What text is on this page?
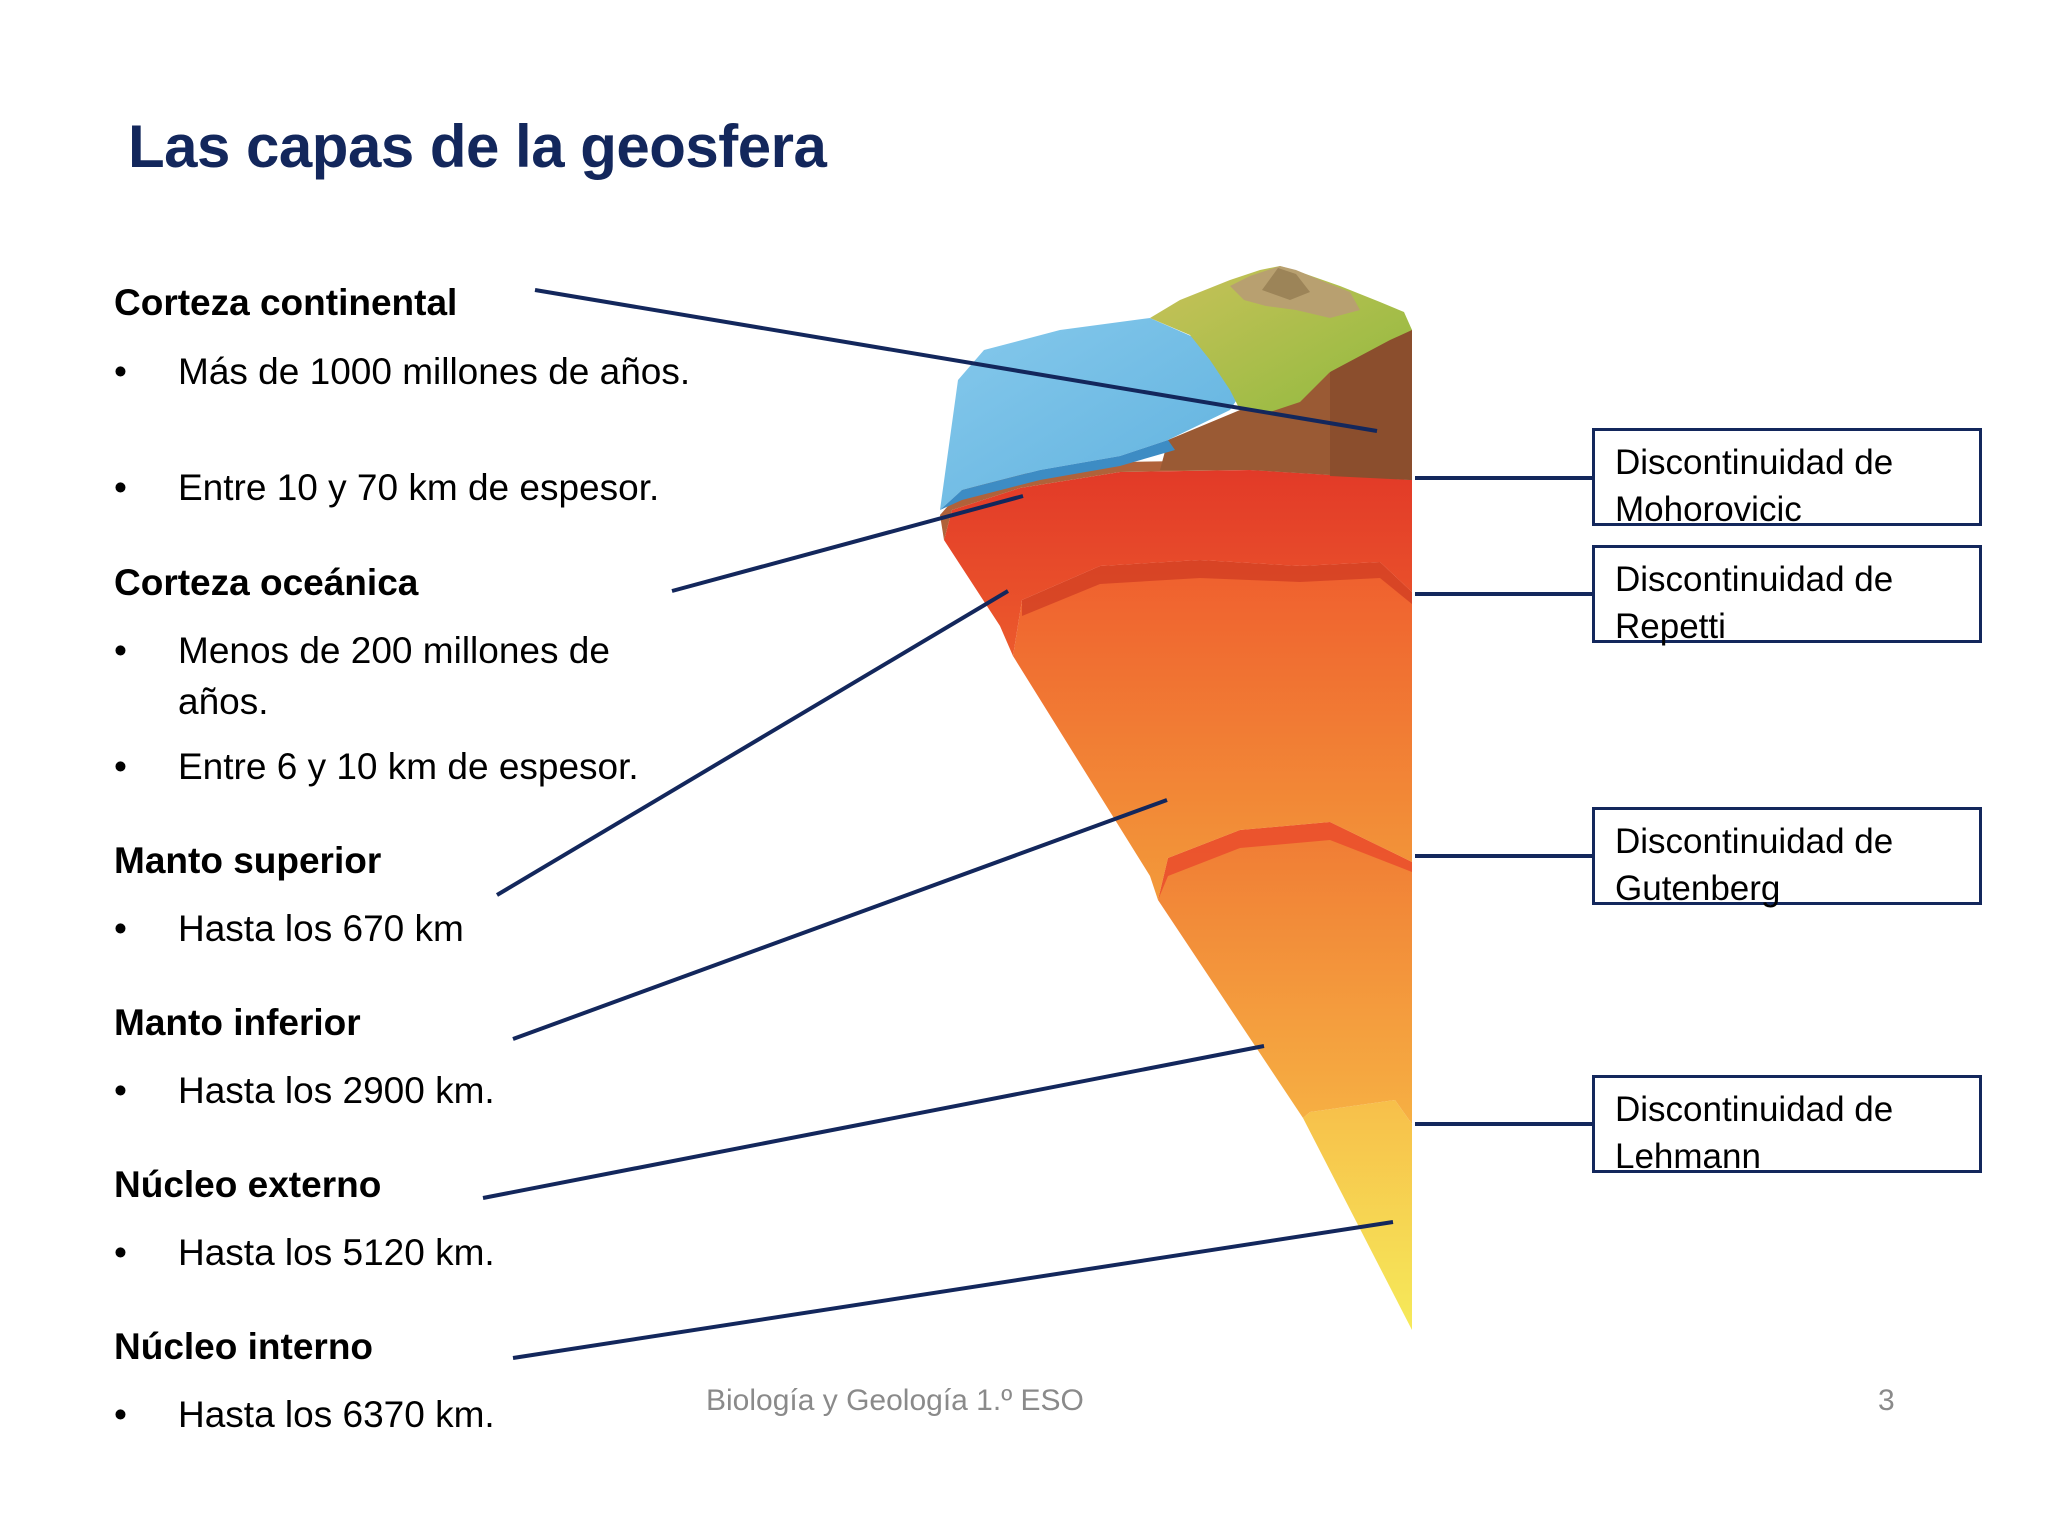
Las capas de la geosfera
Corteza continental
• Más de 1000 millones de años.
• Entre 10 y 70 km de espesor.
Corteza oceánica
• Menos de 200 millones de años.
• Entre 6 y 10 km de espesor.
Manto superior
• Hasta los 670 km
Manto inferior
• Hasta los 2900 km.
Núcleo externo
• Hasta los 5120 km.
Núcleo interno
• Hasta los 6370 km.
Discontinuidad de
Mohorovicic
Discontinuidad de
Repetti
Discontinuidad de
Gutenberg
Discontinuidad de
Lehmann
Biología y Geología 1.º ESO	3
